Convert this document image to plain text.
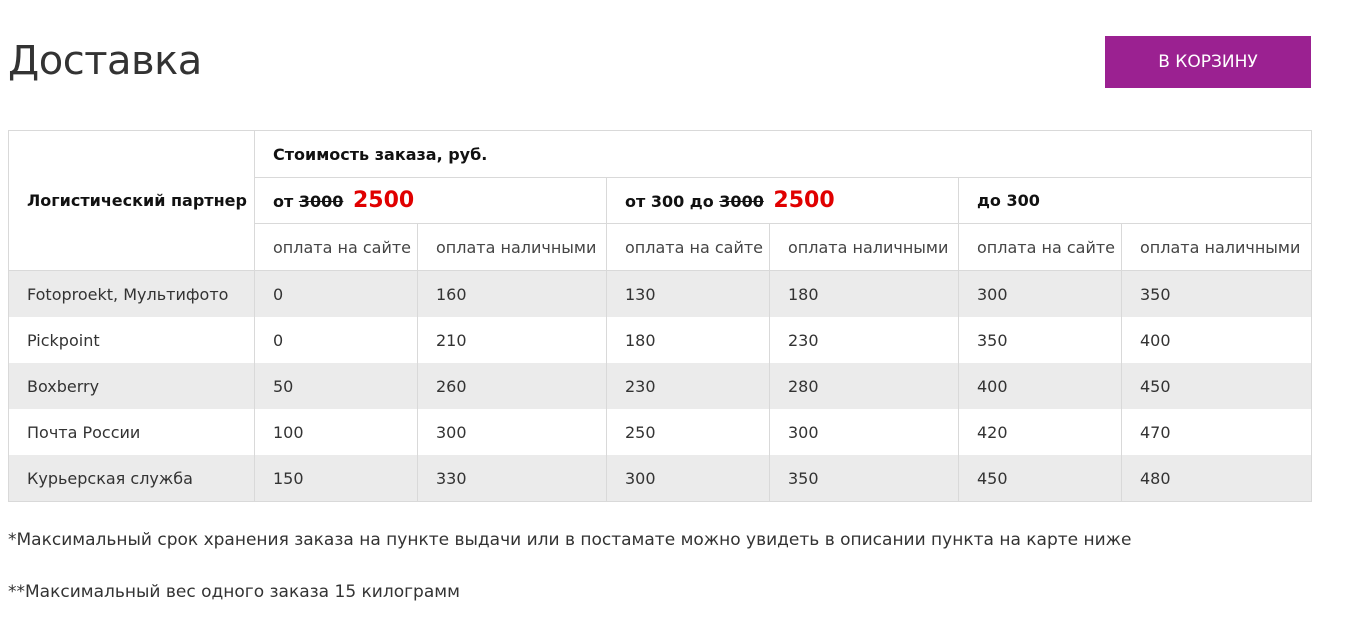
Доставка	В КОРЗИНУ
Логистический партнер	Стоимость заказа, руб.					
	от 3000 2500		от 300 до 3000 2500		до 300	
	оплата на сайте	оплата наличными	оплата на сайте	оплата наличными	оплата на сайте	оплата наличными
Fotoproekt, Мультифото	0	160	130	180	300	350
Pickpoint	0	210	180	230	350	400
Boxberry	50	260	230	280	400	450
Почта России	100	300	250	300	420	470
Курьерская служба	150	330	300	350	450	480

*Максимальный срок хранения заказа на пункте выдачи или в постамате можно увидеть в описании пункта на карте ниже

**Максимальный вес одного заказа 15 килограмм
